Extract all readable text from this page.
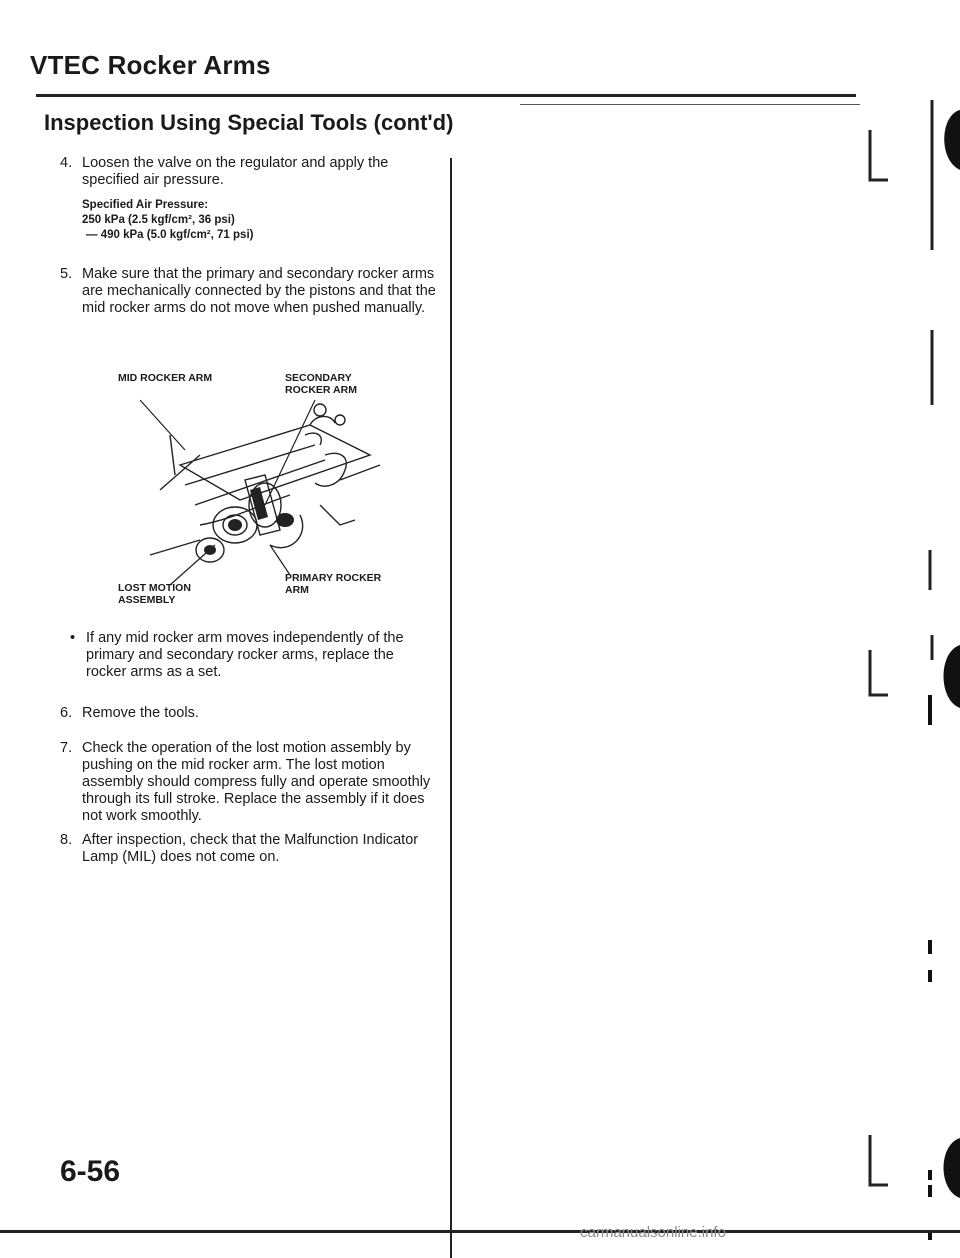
VTEC Rocker Arms
Inspection Using Special Tools (cont'd)
4. Loosen the valve on the regulator and apply the specified air pressure.
Specified Air Pressure:
250 kPa (2.5 kgf/cm², 36 psi)
— 490 kPa (5.0 kgf/cm², 71 psi)
5. Make sure that the primary and secondary rocker arms are mechanically connected by the pistons and that the mid rocker arms do not move when pushed manually.
MID ROCKER ARM	SECONDARY ROCKER ARM
LOST MOTION ASSEMBLY
PRIMARY ROCKER ARM
• If any mid rocker arm moves independently of the primary and secondary rocker arms, replace the rocker arms as a set.
6. Remove the tools.
7. Check the operation of the lost motion assembly by pushing on the mid rocker arm. The lost motion assembly should compress fully and operate smoothly through its full stroke. Replace the assembly if it does not work smoothly.
8. After inspection, check that the Malfunction Indicator Lamp (MIL) does not come on.
6-56
carmanualsonline.info
